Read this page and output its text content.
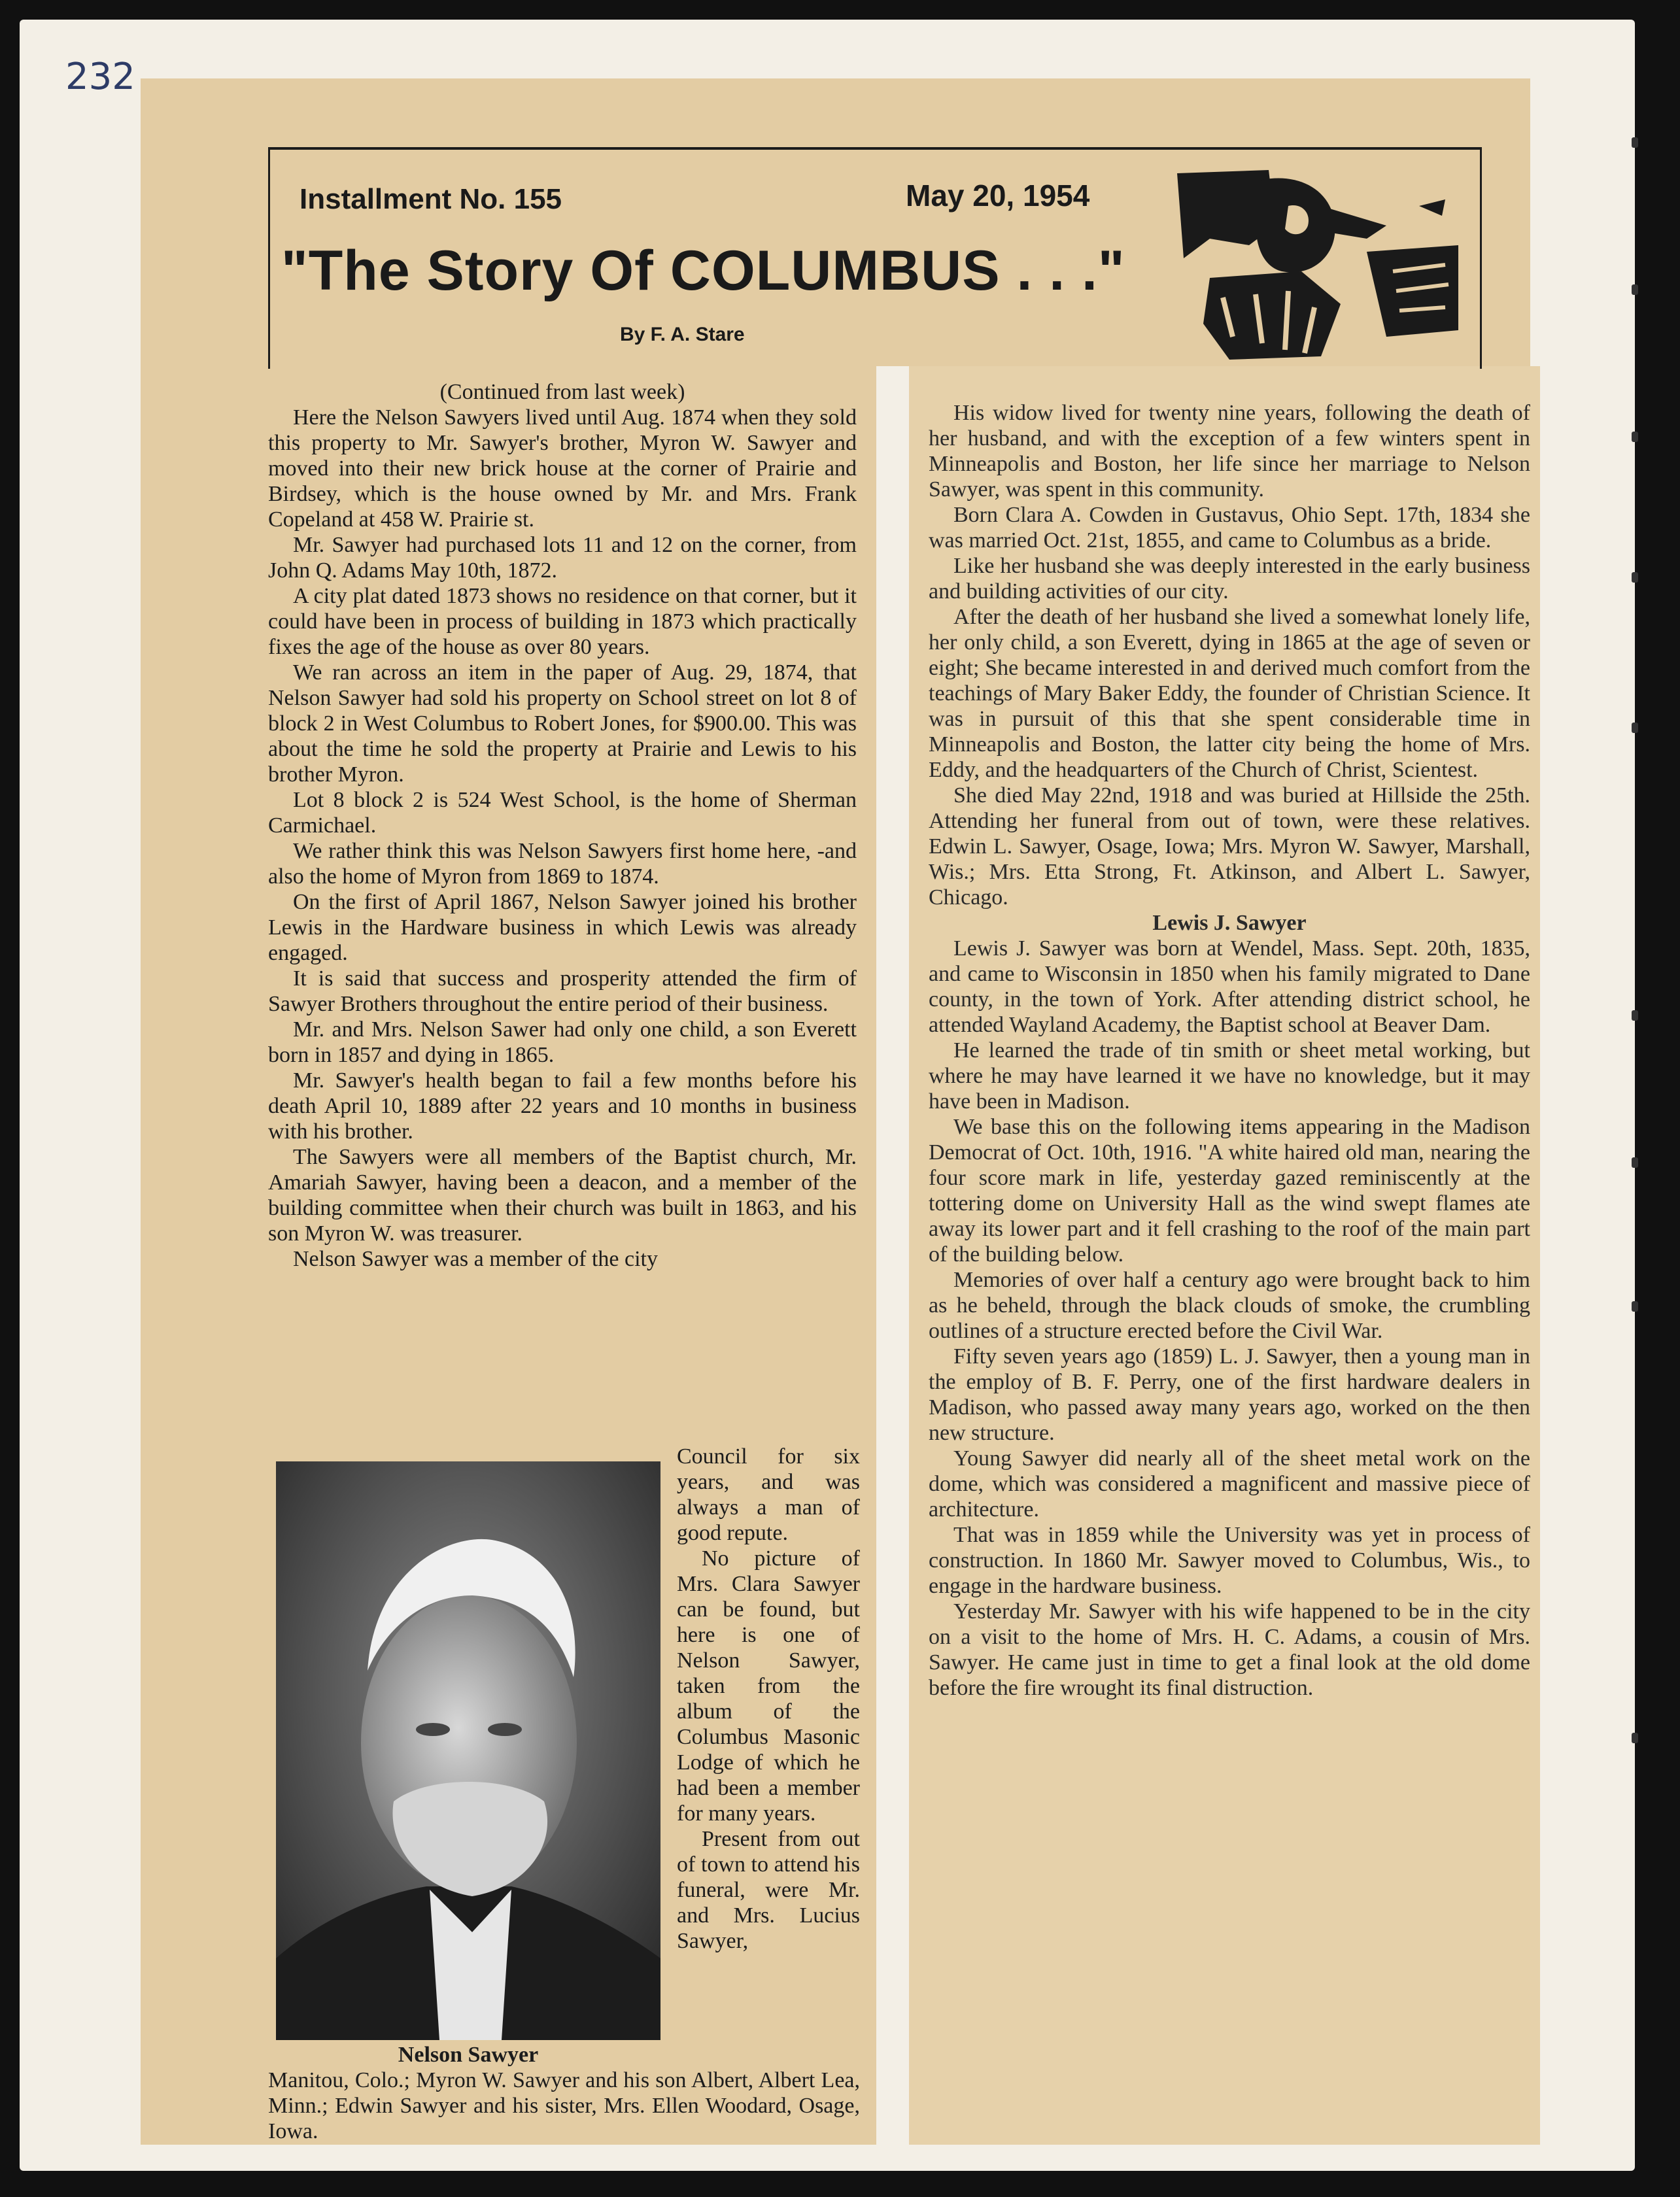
232
Installment No. 155	May 20, 1954
"The Story Of COLUMBUS . . ."
By F. A. Stare

(Continued from last week)

Here the Nelson Sawyers lived until Aug. 1874 when they sold this property to Mr. Sawyer's brother, Myron W. Sawyer and moved into their new brick house at the corner of Prairie and Birdsey, which is the house owned by Mr. and Mrs. Frank Copeland at 458 W. Prairie st.

Mr. Sawyer had purchased lots 11 and 12 on the corner, from John Q. Adams May 10th, 1872.

A city plat dated 1873 shows no residence on that corner, but it could have been in process of building in 1873 which practically fixes the age of the house as over 80 years.

We ran across an item in the paper of Aug. 29, 1874, that Nelson Sawyer had sold his property on School street on lot 8 of block 2 in West Columbus to Robert Jones, for $900.00. This was about the time he sold the property at Prairie and Lewis to his brother Myron.

Lot 8 block 2 is 524 West School, is the home of Sherman Carmichael.

We rather think this was Nelson Sawyers first home here, -and also the home of Myron from 1869 to 1874.

On the first of April 1867, Nelson Sawyer joined his brother Lewis in the Hardware business in which Lewis was already engaged.

It is said that success and prosperity attended the firm of Sawyer Brothers throughout the entire period of their business.

Mr. and Mrs. Nelson Sawer had only one child, a son Everett born in 1857 and dying in 1865.

Mr. Sawyer's health began to fail a few months before his death April 10, 1889 after 22 years and 10 months in business with his brother.

The Sawyers were all members of the Baptist church, Mr. Amariah Sawyer, having been a deacon, and a member of the building committee when their church was built in 1863, and his son Myron W. was treasurer.

Nelson Sawyer was a member of the city

Nelson Sawyer

Council for six years, and was always a man of good repute.

No picture of Mrs. Clara Sawyer can be found, but here is one of Nelson Sawyer, taken from the album of the Columbus Masonic Lodge of which he had been a member for many years.

Present from out of town to attend his funeral, were Mr. and Mrs. Lucius Sawyer,

Manitou, Colo.; Myron W. Sawyer and his son Albert, Albert Lea, Minn.; Edwin Sawyer and his sister, Mrs. Ellen Woodard, Osage, Iowa.

His widow lived for twenty nine years, following the death of her husband, and with the exception of a few winters spent in Minneapolis and Boston, her life since her marriage to Nelson Sawyer, was spent in this community.

Born Clara A. Cowden in Gustavus, Ohio Sept. 17th, 1834 she was married Oct. 21st, 1855, and came to Columbus as a bride.

Like her husband she was deeply interested in the early business and building activities of our city.

After the death of her husband she lived a somewhat lonely life, her only child, a son Everett, dying in 1865 at the age of seven or eight; She became interested in and derived much comfort from the teachings of Mary Baker Eddy, the founder of Christian Science. It was in pursuit of this that she spent considerable time in Minneapolis and Boston, the latter city being the home of Mrs. Eddy, and the headquarters of the Church of Christ, Scientest.

She died May 22nd, 1918 and was buried at Hillside the 25th. Attending her funeral from out of town, were these relatives. Edwin L. Sawyer, Osage, Iowa; Mrs. Myron W. Sawyer, Marshall, Wis.; Mrs. Etta Strong, Ft. Atkinson, and Albert L. Sawyer, Chicago.

Lewis J. Sawyer

Lewis J. Sawyer was born at Wendel, Mass. Sept. 20th, 1835, and came to Wisconsin in 1850 when his family migrated to Dane county, in the town of York. After attending district school, he attended Wayland Academy, the Baptist school at Beaver Dam.

He learned the trade of tin smith or sheet metal working, but where he may have learned it we have no knowledge, but it may have been in Madison.

We base this on the following items appearing in the Madison Democrat of Oct. 10th, 1916. "A white haired old man, nearing the four score mark in life, yesterday gazed reminiscently at the tottering dome on University Hall as the wind swept flames ate away its lower part and it fell crashing to the roof of the main part of the building below.

Memories of over half a century ago were brought back to him as he beheld, through the black clouds of smoke, the crumbling outlines of a structure erected before the Civil War.

Fifty seven years ago (1859) L. J. Sawyer, then a young man in the employ of B. F. Perry, one of the first hardware dealers in Madison, who passed away many years ago, worked on the then new structure.

Young Sawyer did nearly all of the sheet metal work on the dome, which was considered a magnificent and massive piece of architecture.

That was in 1859 while the University was yet in process of construction. In 1860 Mr. Sawyer moved to Columbus, Wis., to engage in the hardware business.

Yesterday Mr. Sawyer with his wife happened to be in the city on a visit to the home of Mrs. H. C. Adams, a cousin of Mrs. Sawyer. He came just in time to get a final look at the old dome before the fire wrought its final distruction.
